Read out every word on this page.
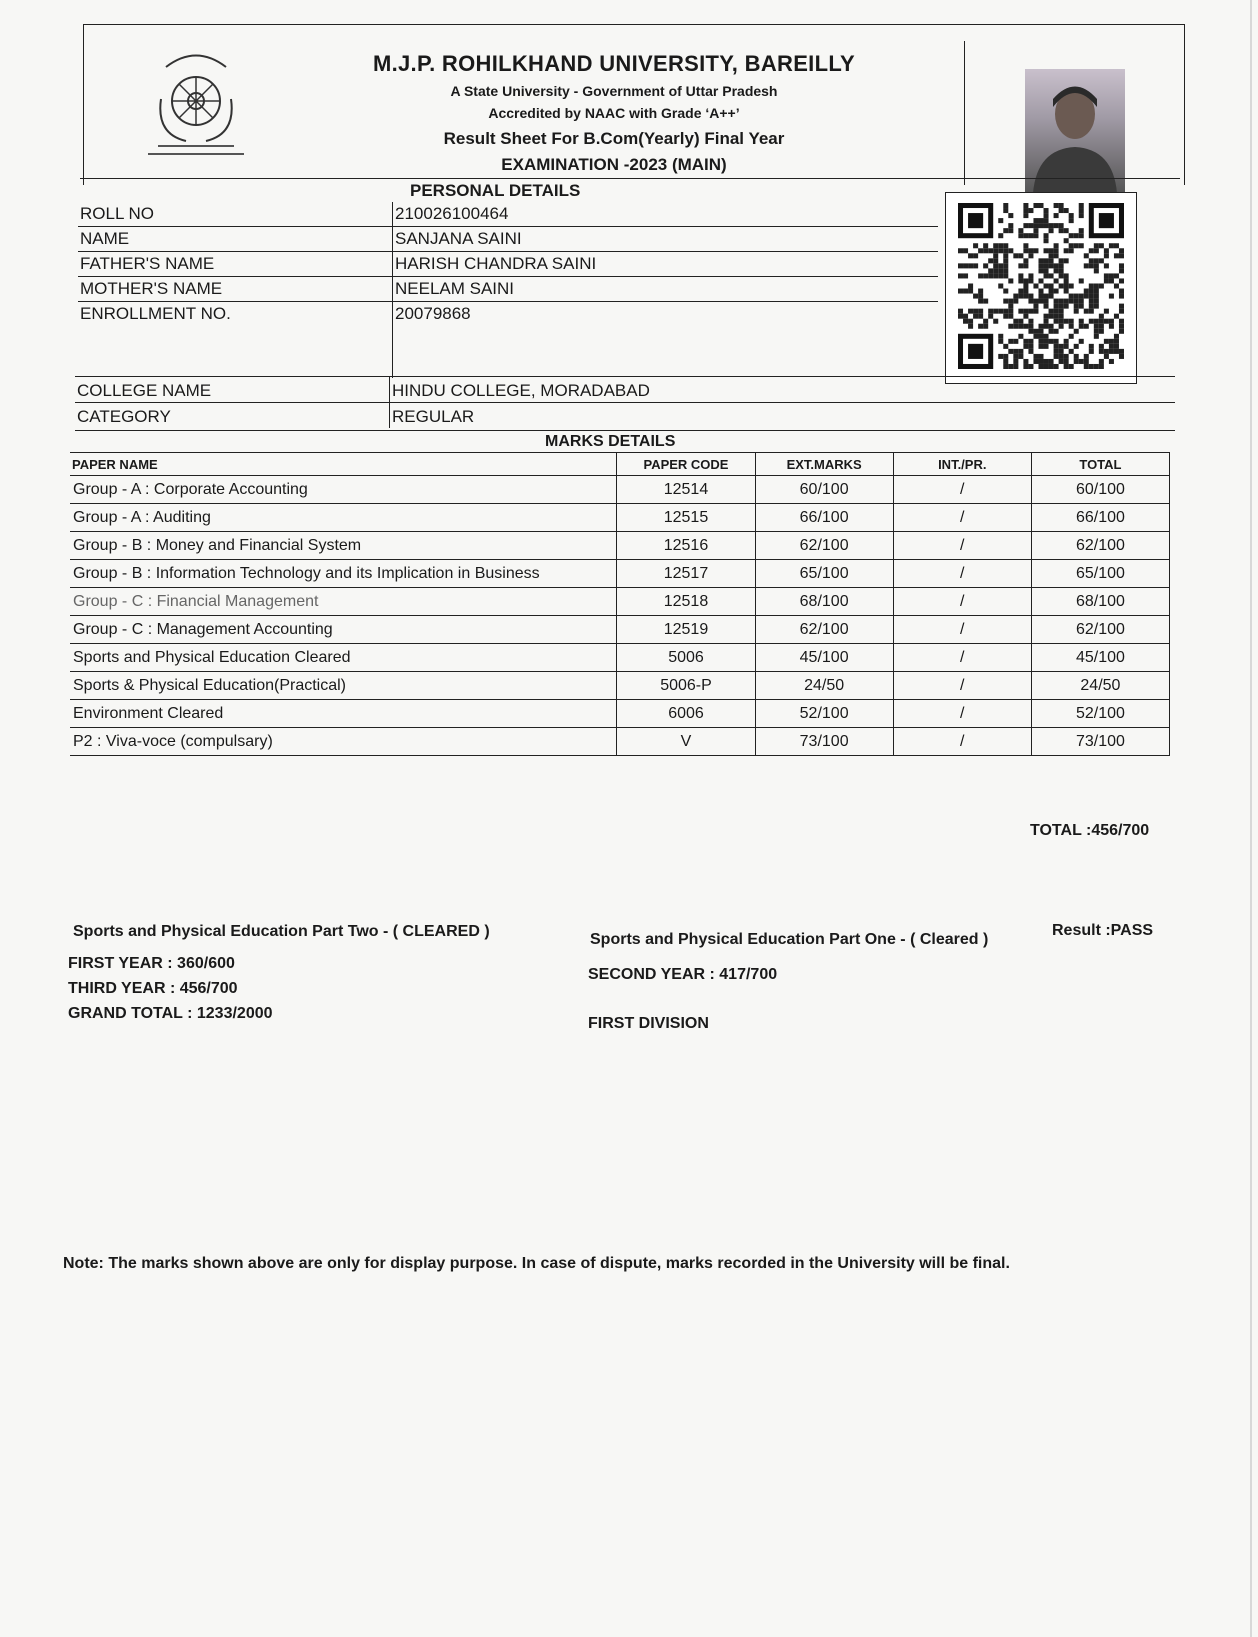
M.J.P. ROHILKHAND UNIVERSITY, BAREILLY
A State University - Government of Uttar Pradesh
Accredited by NAAC with Grade ‘A++’
Result Sheet For B.Com(Yearly) Final Year
EXAMINATION -2023 (MAIN)
PERSONAL DETAILS
ROLL NO	210026100464
NAME	SANJANA SAINI
FATHER'S NAME	HARISH CHANDRA SAINI
MOTHER'S NAME	NEELAM SAINI
ENROLLMENT NO.	20079868
COLLEGE NAME	HINDU COLLEGE, MORADABAD
CATEGORY	REGULAR
MARKS DETAILS
PAPER NAME	PAPER CODE	EXT.MARKS	INT./PR.	TOTAL
Group - A : Corporate Accounting	12514	60/100	/	60/100
Group - A : Auditing	12515	66/100	/	66/100
Group - B : Money and Financial System	12516	62/100	/	62/100
Group - B : Information Technology and its Implication in Business	12517	65/100	/	65/100
Group - C : Financial Management	12518	68/100	/	68/100
Group - C : Management Accounting	12519	62/100	/	62/100
Sports and Physical Education Cleared	5006	45/100	/	45/100
Sports & Physical Education(Practical)	5006-P	24/50	/	24/50
Environment Cleared	6006	52/100	/	52/100
P2 : Viva-voce (compulsary)	V	73/100	/	73/100
TOTAL :456/700
Result :PASS
Sports and Physical Education Part Two - ( CLEARED )	Sports and Physical Education Part One - ( Cleared )
FIRST YEAR : 360/600
THIRD YEAR : 456/700
GRAND TOTAL : 1233/2000
SECOND YEAR : 417/700
FIRST DIVISION
Note: The marks shown above are only for display purpose. In case of dispute, marks recorded in the University will be final.
